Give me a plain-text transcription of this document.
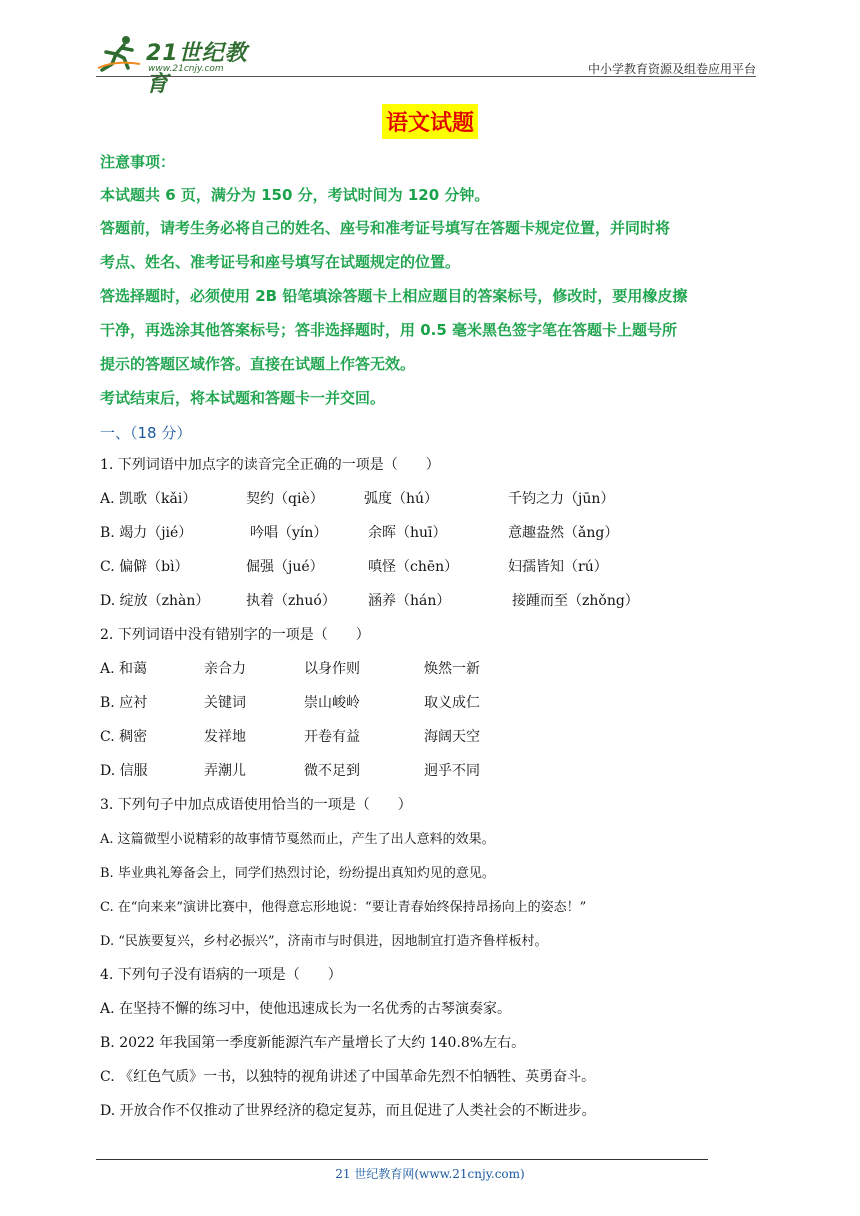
21世纪教育
www.21cnjy.com	中小学教育资源及组卷应用平台
语文试题
注意事项：
本试题共 6 页，满分为 150 分，考试时间为 120 分钟。
答题前，请考生务必将自己的姓名、座号和准考证号填写在答题卡规定位置，并同时将
考点、姓名、准考证号和座号填写在试题规定的位置。
答选择题时，必须使用 2B 铅笔填涂答题卡上相应题目的答案标号，修改时，要用橡皮擦
干净，再选涂其他答案标号；答非选择题时，用 0.5 毫米黑色签字笔在答题卡上题号所
提示的答题区域作答。直接在试题上作答无效。
考试结束后，将本试题和答题卡一并交回。
一、（18 分）
1. 下列词语中加点字的读音完全正确的一项是（　　）
A. 凯歌（kǎi）	契约（qiè）	弧度（hú）	千钧之力（jūn）
B. 竭力（jié）	吟唱（yín）	余晖（huī）	意趣盎然（ǎng）
C. 偏僻（bì）	倔强（jué）	嗔怪（chēn）	妇孺皆知（rú）
D. 绽放（zhàn）	执着（zhuó） 涵养（hán）	接踵而至（zhǒng）
2. 下列词语中没有错别字的一项是（　　）
A. 和蔼	亲合力	以身作则	焕然一新
B. 应衬	关键词	崇山峻岭	取义成仁
C. 稠密	发祥地	开卷有益	海阔天空
D. 信服	弄潮儿	微不足到	迥乎不同
3. 下列句子中加点成语使用恰当的一项是（　　）
A. 这篇微型小说精彩的故事情节戛然而止，产生了出人意料的效果。
B. 毕业典礼筹备会上，同学们热烈讨论，纷纷提出真知灼见的意见。
C. 在“向来来”演讲比赛中，他得意忘形地说：“要让青春始终保持昂扬向上的姿态！”
D. “民族要复兴，乡村必振兴”，济南市与时俱进，因地制宜打造齐鲁样板村。
4. 下列句子没有语病的一项是（　　）
A. 在坚持不懈的练习中，使他迅速成长为一名优秀的古琴演奏家。
B. 2022 年我国第一季度新能源汽车产量增长了大约 140.8%左右。
C. 《红色气质》一书，以独特的视角讲述了中国革命先烈不怕牺牲、英勇奋斗。
D. 开放合作不仅推动了世界经济的稳定复苏，而且促进了人类社会的不断进步。
21 世纪教育网(www.21cnjy.com)
